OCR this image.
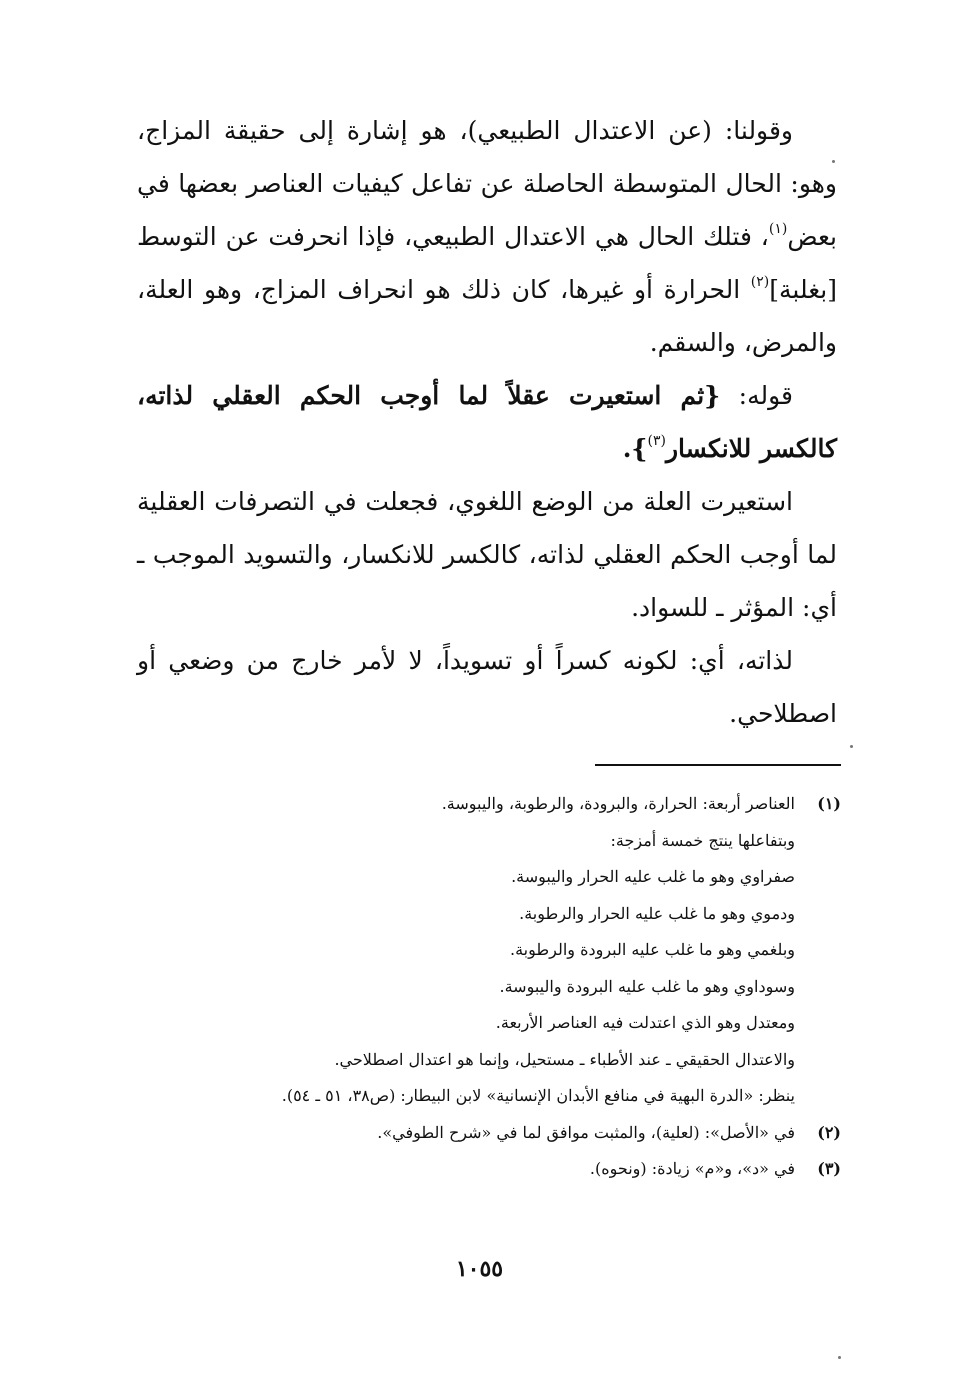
وقولنا: (عن الاعتدال الطبيعي)، هو إشارة إلى حقيقة المزاج، وهو: الحال المتوسطة الحاصلة عن تفاعل كيفيات العناصر بعضها في بعض$^{(١)}$، فتلك الحال هي الاعتدال الطبيعي، فإذا انحرفت عن التوسط [بغلبة]$^{(٢)}$ الحرارة أو غيرها، كان ذلك هو انحراف المزاج، وهو العلة، والمرض، والسقم.

قوله: {ثم استعيرت عقلاً لما أوجب الحكم العقلي لذاته، كالكسر للانكسار$^{(٣)}$}.

استعيرت العلة من الوضع اللغوي، فجعلت في التصرفات العقلية لما أوجب الحكم العقلي لذاته، كالكسر للانكسار، والتسويد الموجب ـ أي: المؤثر ـ للسواد.

لذاته، أي: لكونه كسراً أو تسويداً، لا لأمر خارج من وضعي أو اصطلاحي.

(١)
العناصر أربعة: الحرارة، والبرودة، والرطوبة، واليبوسة.
وبتفاعلها ينتج خمسة أمزجة:
صفراوي وهو ما غلب عليه الحرار واليبوسة.
ودموي وهو ما غلب عليه الحرار والرطوبة.
وبلغمي وهو ما غلب عليه البرودة والرطوبة.
وسوداوي وهو ما غلب عليه البرودة واليبوسة.
ومعتدل وهو الذي اعتدلت فيه العناصر الأربعة.
والاعتدال الحقيقي ـ عند الأطباء ـ مستحيل، وإنما هو اعتدال اصطلاحي.
ينظر: «الدرة البهية في منافع الأبدان الإنسانية» لابن البيطار: (ص٣٨، ٥١ ـ ٥٤).
(٢)
في «الأصل»: (لعلية)، والمثبت موافق لما في «شرح الطوفي».
(٣)
في «د»، و«م» زيادة: (ونحوه).
١٠٥٥
